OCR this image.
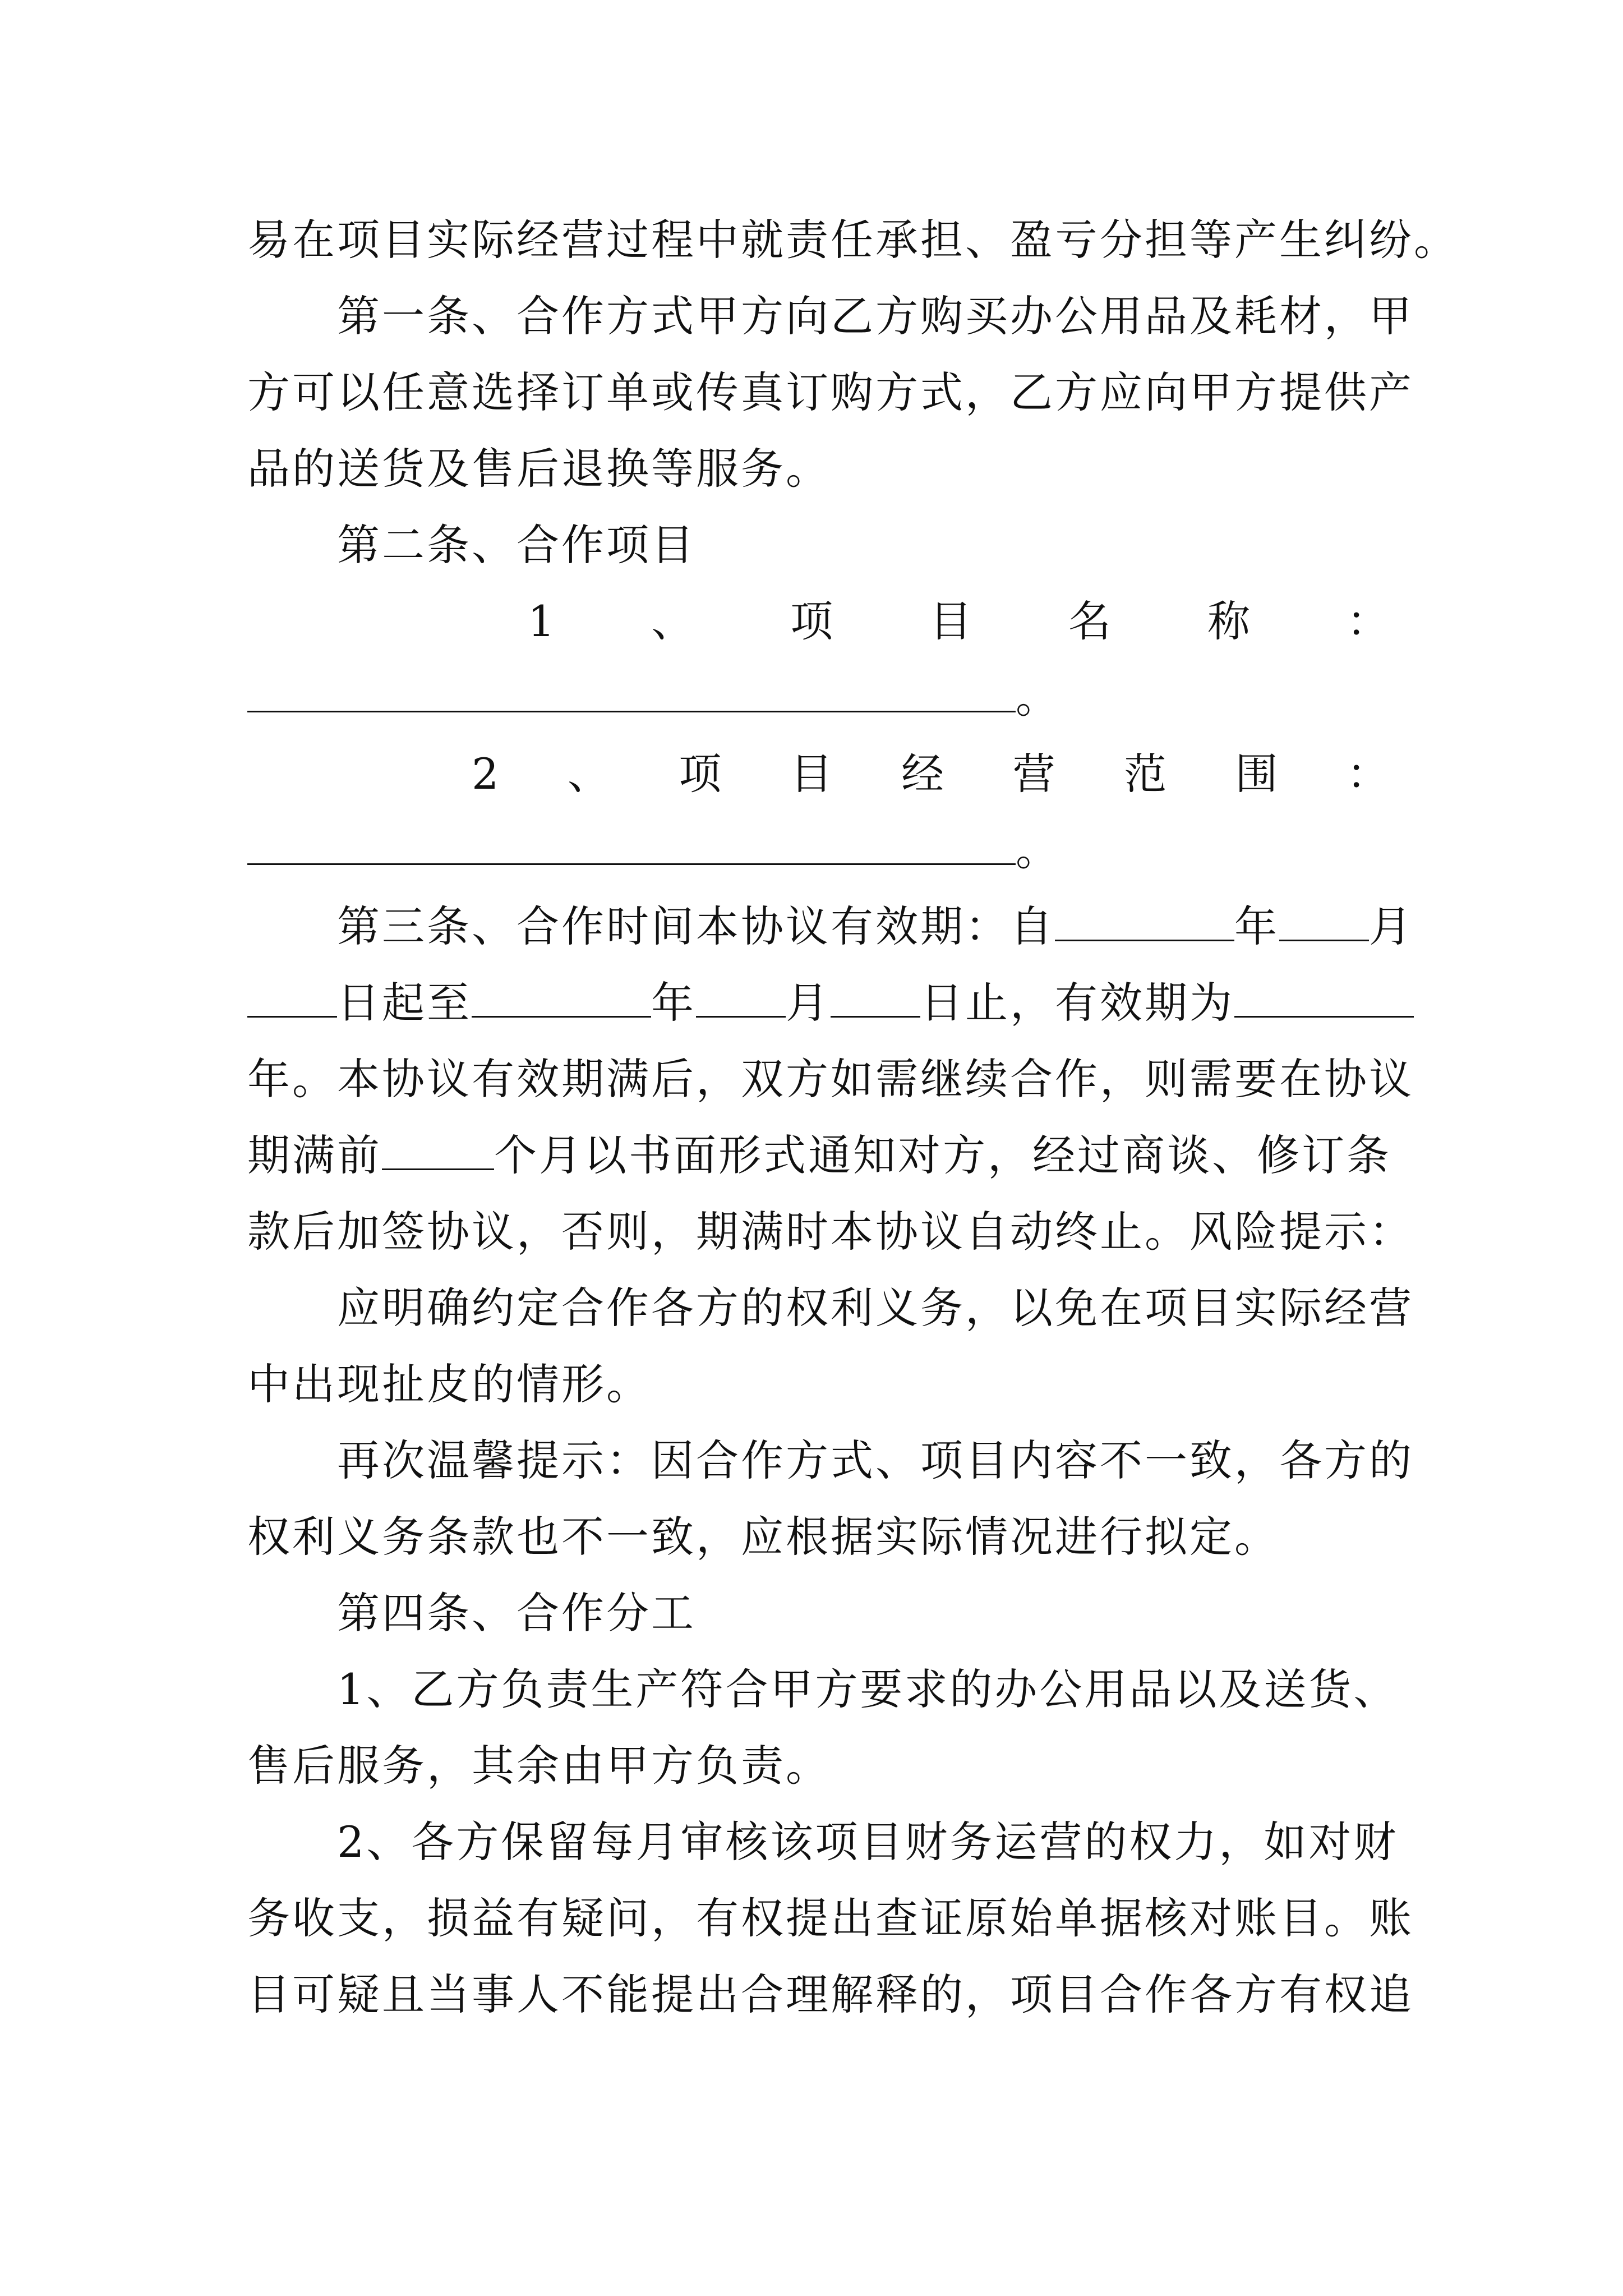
易在项目实际经营过程中就责任承担、盈亏分担等产生纠纷。
第一条、合作方式甲方向乙方购买办公用品及耗材，甲
方可以任意选择订单或传真订购方式，乙方应向甲方提供产
品的送货及售后退换等服务。
第二条、合作项目
1 、 项 目 名 称 ：
。
2 、 项 目 经 营 范 围 ：
。
第三条、合作时间本协议有效期：自	年 月
日起至	年 月 日止，有效期为
年。本协议有效期满后，双方如需继续合作，则需要在协议
期满前	个月以书面形式通知对方，经过商谈、修订条
款后加签协议，否则，期满时本协议自动终止。风险提示：
应明确约定合作各方的权利义务，以免在项目实际经营
中出现扯皮的情形。
再次温馨提示：因合作方式、项目内容不一致，各方的
权利义务条款也不一致，应根据实际情况进行拟定。
第四条、合作分工
1、乙方负责生产符合甲方要求的办公用品以及送货、
售后服务，其余由甲方负责。
2、各方保留每月审核该项目财务运营的权力，如对财
务收支，损益有疑问，有权提出查证原始单据核对账目。账
目可疑且当事人不能提出合理解释的，项目合作各方有权追
